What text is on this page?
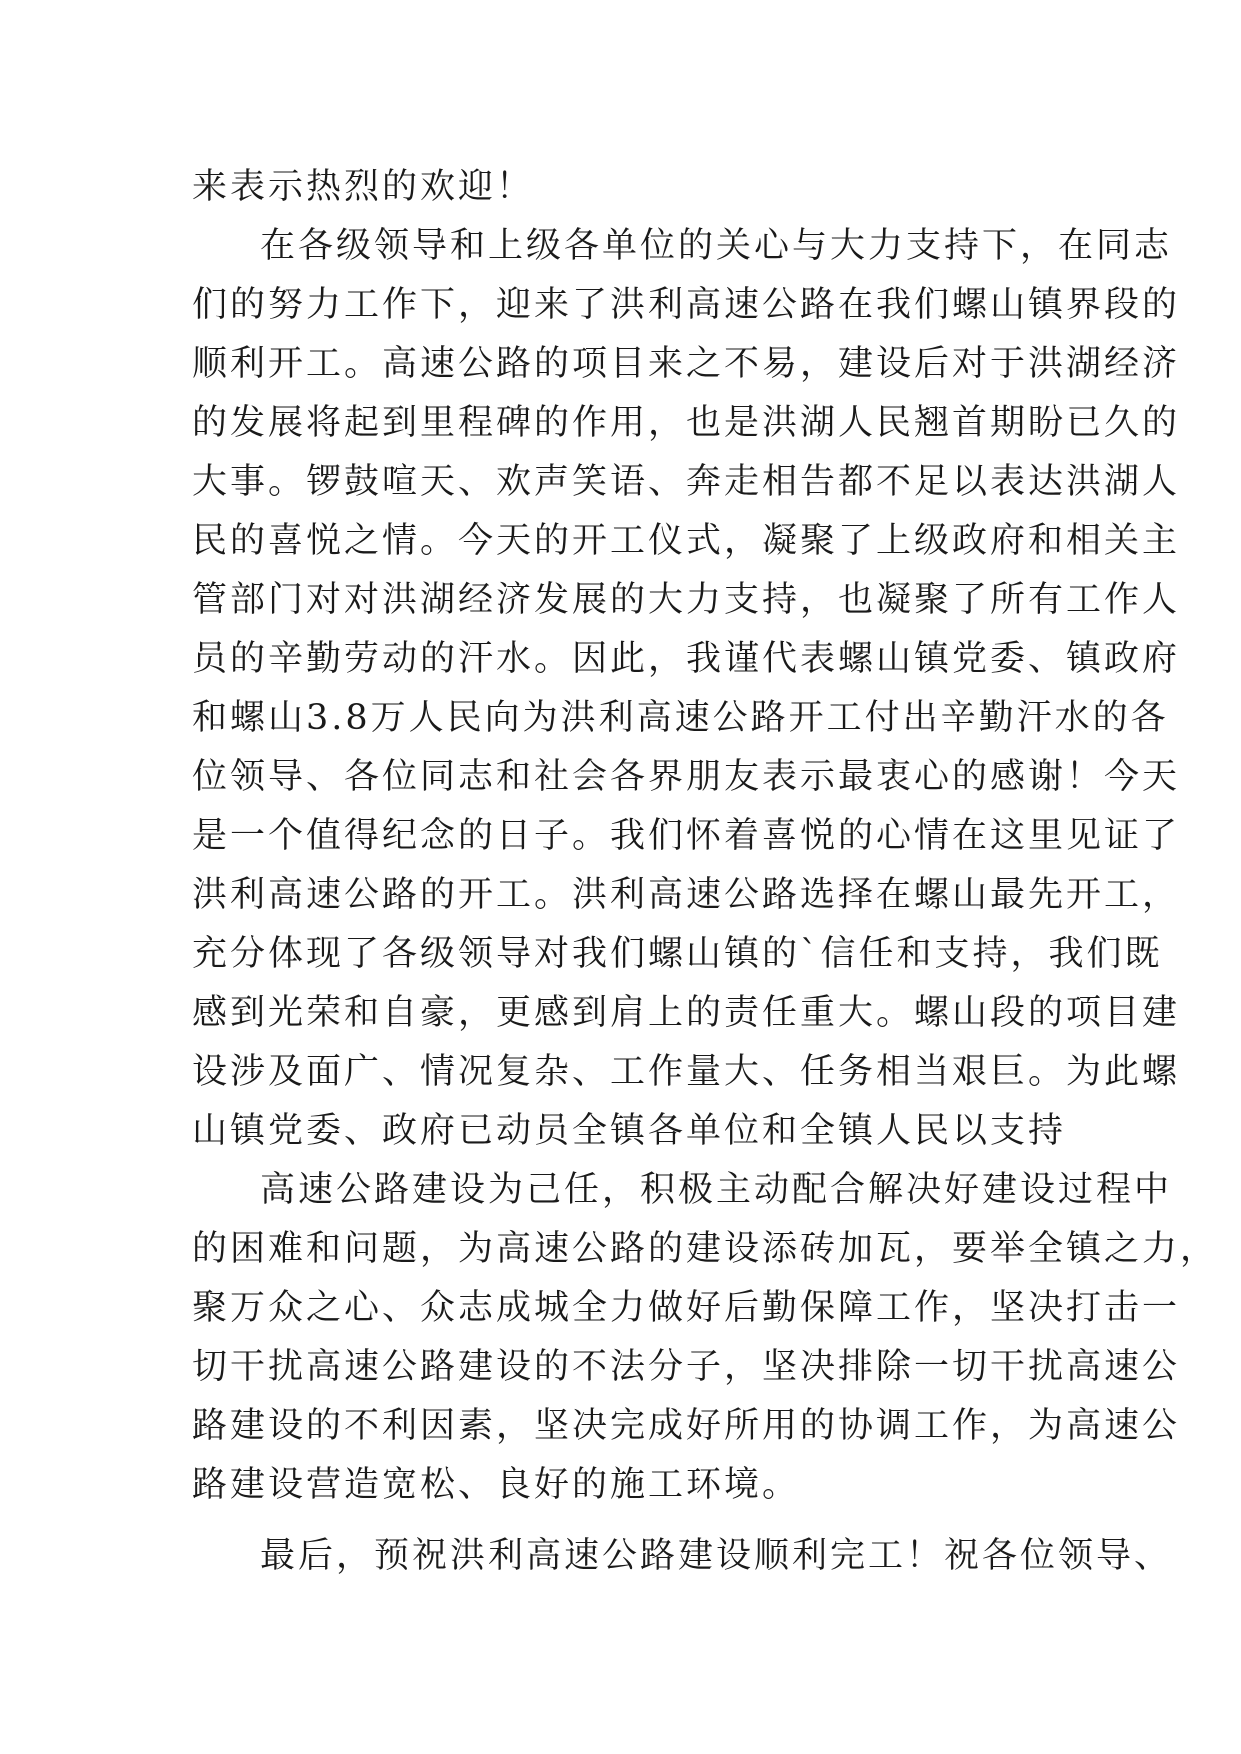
来表示热烈的欢迎！
在各级领导和上级各单位的关心与大力支持下，在同志
们的努力工作下，迎来了洪利高速公路在我们螺山镇界段的
顺利开工。高速公路的项目来之不易，建设后对于洪湖经济
的发展将起到里程碑的作用，也是洪湖人民翘首期盼已久的
大事。锣鼓喧天、欢声笑语、奔走相告都不足以表达洪湖人
民的喜悦之情。今天的开工仪式，凝聚了上级政府和相关主
管部门对对洪湖经济发展的大力支持，也凝聚了所有工作人
员的辛勤劳动的汗水。因此，我谨代表螺山镇党委、镇政府
和螺山3.8万人民向为洪利高速公路开工付出辛勤汗水的各
位领导、各位同志和社会各界朋友表示最衷心的感谢！今天
是一个值得纪念的日子。我们怀着喜悦的心情在这里见证了
洪利高速公路的开工。洪利高速公路选择在螺山最先开工，
充分体现了各级领导对我们螺山镇的`信任和支持，我们既
感到光荣和自豪，更感到肩上的责任重大。螺山段的项目建
设涉及面广、情况复杂、工作量大、任务相当艰巨。为此螺
山镇党委、政府已动员全镇各单位和全镇人民以支持
高速公路建设为己任，积极主动配合解决好建设过程中
的困难和问题，为高速公路的建设添砖加瓦，要举全镇之力，
聚万众之心、众志成城全力做好后勤保障工作，坚决打击一
切干扰高速公路建设的不法分子，坚决排除一切干扰高速公
路建设的不利因素，坚决完成好所用的协调工作，为高速公
路建设营造宽松、良好的施工环境。
最后，预祝洪利高速公路建设顺利完工！祝各位领导、
